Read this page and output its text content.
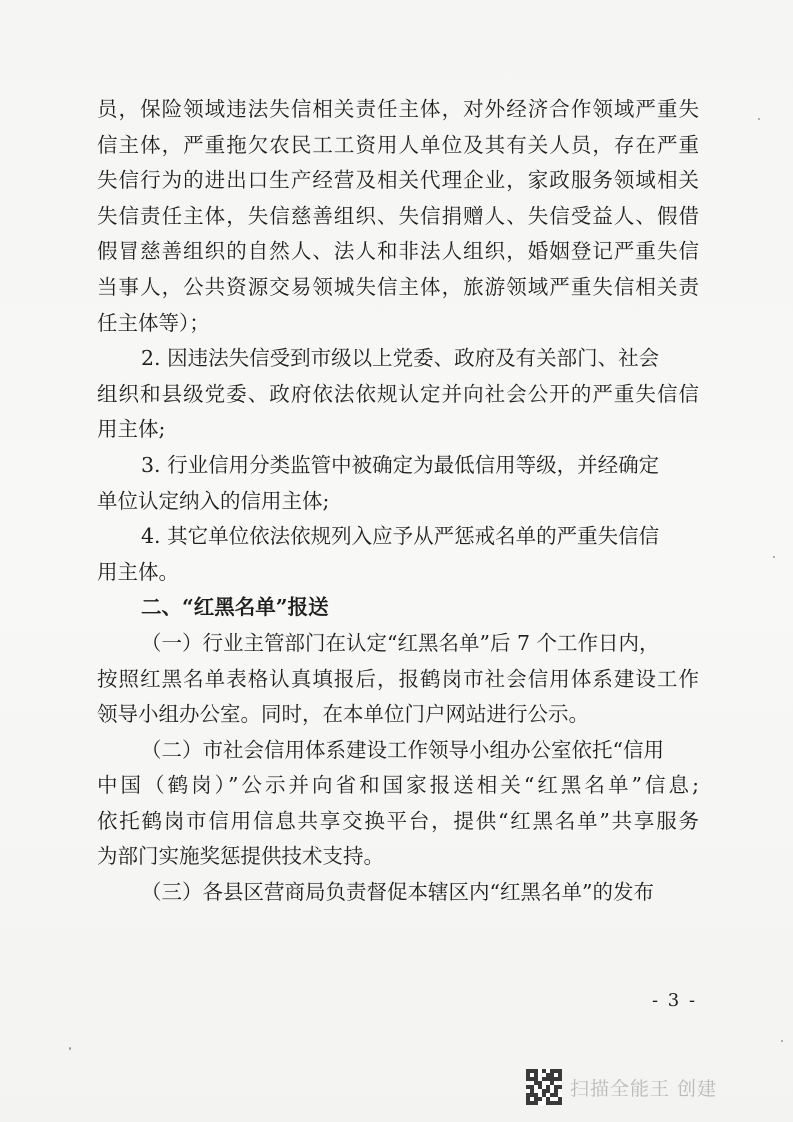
员，保险领域违法失信相关责任主体，对外经济合作领域严重失
信主体，严重拖欠农民工工资用人单位及其有关人员，存在严重
失信行为的进出口生产经营及相关代理企业，家政服务领域相关
失信责任主体，失信慈善组织、失信捐赠人、失信受益人、假借
假冒慈善组织的自然人、法人和非法人组织，婚姻登记严重失信
当事人，公共资源交易领城失信主体，旅游领域严重失信相关责
任主体等）；
2. 因违法失信受到市级以上党委、政府及有关部门、社会
组织和县级党委、政府依法依规认定并向社会公开的严重失信信
用主体;
3. 行业信用分类监管中被确定为最低信用等级，并经确定
单位认定纳入的信用主体;
4. 其它单位依法依规列入应予从严惩戒名单的严重失信信
用主体。
二、“红黑名单”报送
（一）行业主管部门在认定“红黑名单”后 7 个工作日内，
按照红黑名单表格认真填报后，报鹤岗市社会信用体系建设工作
领导小组办公室。同时，在本单位门户网站进行公示。
（二）市社会信用体系建设工作领导小组办公室依托“信用
中国（鹤岗）”公示并向省和国家报送相关“红黑名单”信息;
依托鹤岗市信用信息共享交换平台，提供“红黑名单”共享服务
为部门实施奖惩提供技术支持。
（三）各县区营商局负责督促本辖区内“红黑名单”的发布
- 3 -
扫描全能王 创建
